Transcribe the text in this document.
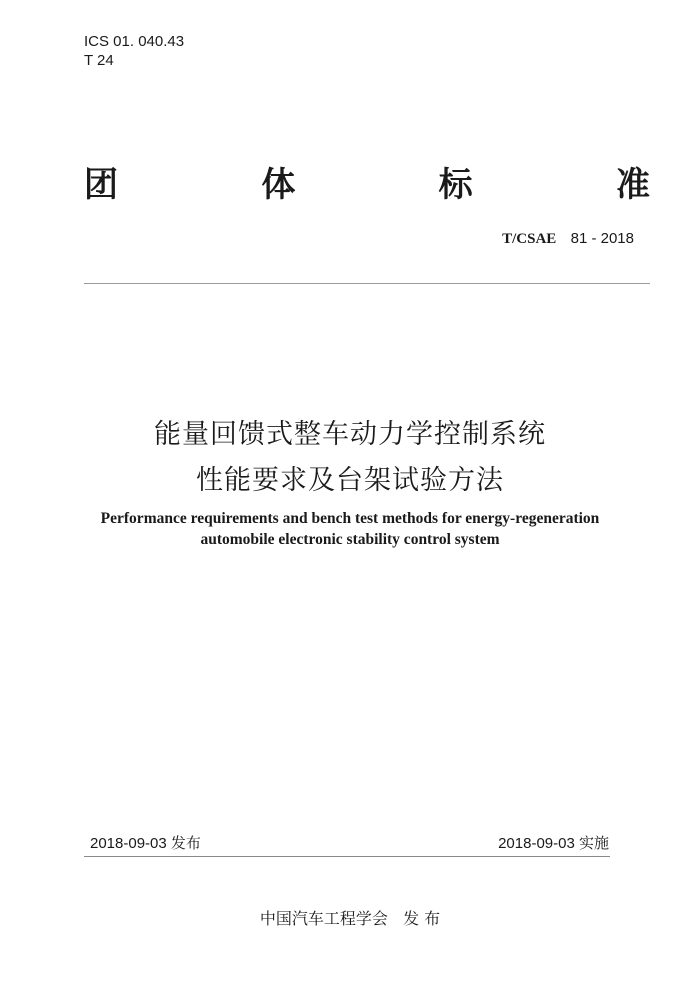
ICS 01. 040.43
T 24
团	体	标	准
T/CSAE 81 - 2018
能量回馈式整车动力学控制系统
性能要求及台架试验方法
Performance requirements and bench test methods for energy-regeneration
automobile electronic stability control system
2018-09-03 发布	2018-09-03 实施
中国汽车工程学会   发 布
